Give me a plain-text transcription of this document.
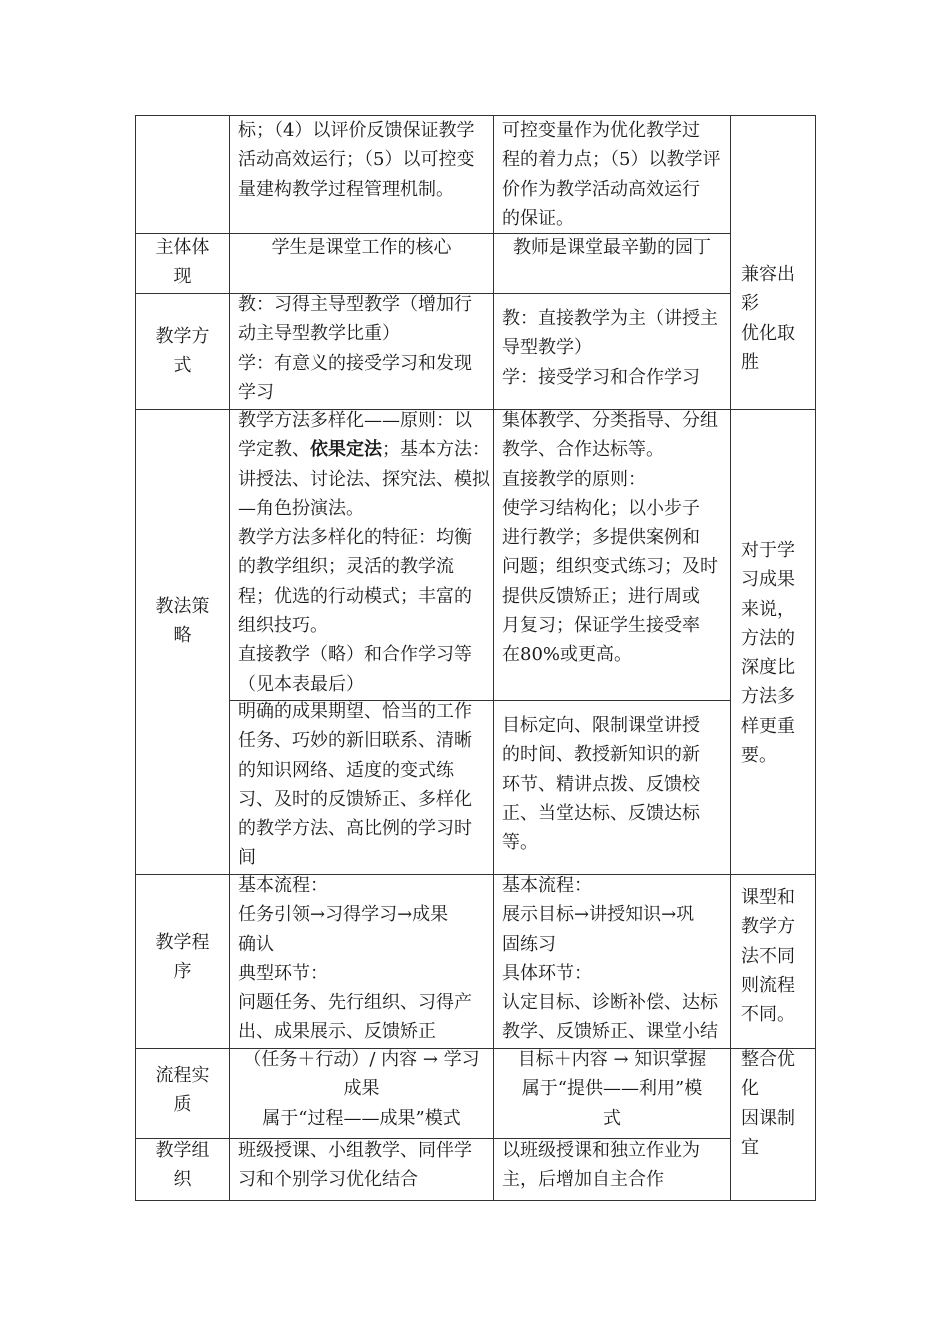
标；（4）以评价反馈保证教学
活动高效运行；（5）以可控变
量建构教学过程管理机制。
可控变量作为优化教学过
程的着力点；（5）以教学评
价作为教学活动高效运行
的保证。
主体体
现
学生是课堂工作的核心	教师是课堂最辛勤的园丁
教学方
式
教：习得主导型教学（增加行
动主导型教学比重）
学：有意义的接受学习和发现
学习
教：直接教学为主（讲授主
导型教学）
学：接受学习和合作学习
兼容出
彩
优化取
胜
教法策
略
教学方法多样化——原则：以
学定教、依果定法；基本方法：
讲授法、讨论法、探究法、模拟
—角色扮演法。
教学方法多样化的特征：均衡
的教学组织；灵活的教学流
程；优选的行动模式；丰富的
组织技巧。
直接教学（略）和合作学习等
（见本表最后）
集体教学、分类指导、分组
教学、合作达标等。
直接教学的原则：
使学习结构化；以小步子
进行教学；多提供案例和
问题；组织变式练习；及时
提供反馈矫正；进行周或
月复习；保证学生接受率
在80%或更高。
明确的成果期望、恰当的工作
任务、巧妙的新旧联系、清晰
的知识网络、适度的变式练
习、及时的反馈矫正、多样化
的教学方法、高比例的学习时
间
目标定向、限制课堂讲授
的时间、教授新知识的新
环节、精讲点拨、反馈校
正、当堂达标、反馈达标
等。
对于学
习成果
来说，
方法的
深度比
方法多
样更重
要。
教学程
序
基本流程：
任务引领→习得学习→成果
确认
典型环节：
问题任务、先行组织、习得产
出、成果展示、反馈矫正
基本流程：
展示目标→讲授知识→巩
固练习
具体环节：
认定目标、诊断补偿、达标
教学、反馈矫正、课堂小结
课型和
教学方
法不同
则流程
不同。
流程实
质
（任务＋行动）/ 内容 → 学习
成果
属于“过程——成果”模式
目标＋内容 → 知识掌握
属于“提供——利用”模
式
教学组
织
班级授课、小组教学、同伴学
习和个别学习优化结合
以班级授课和独立作业为
主，后增加自主合作
整合优
化
因课制
宜
